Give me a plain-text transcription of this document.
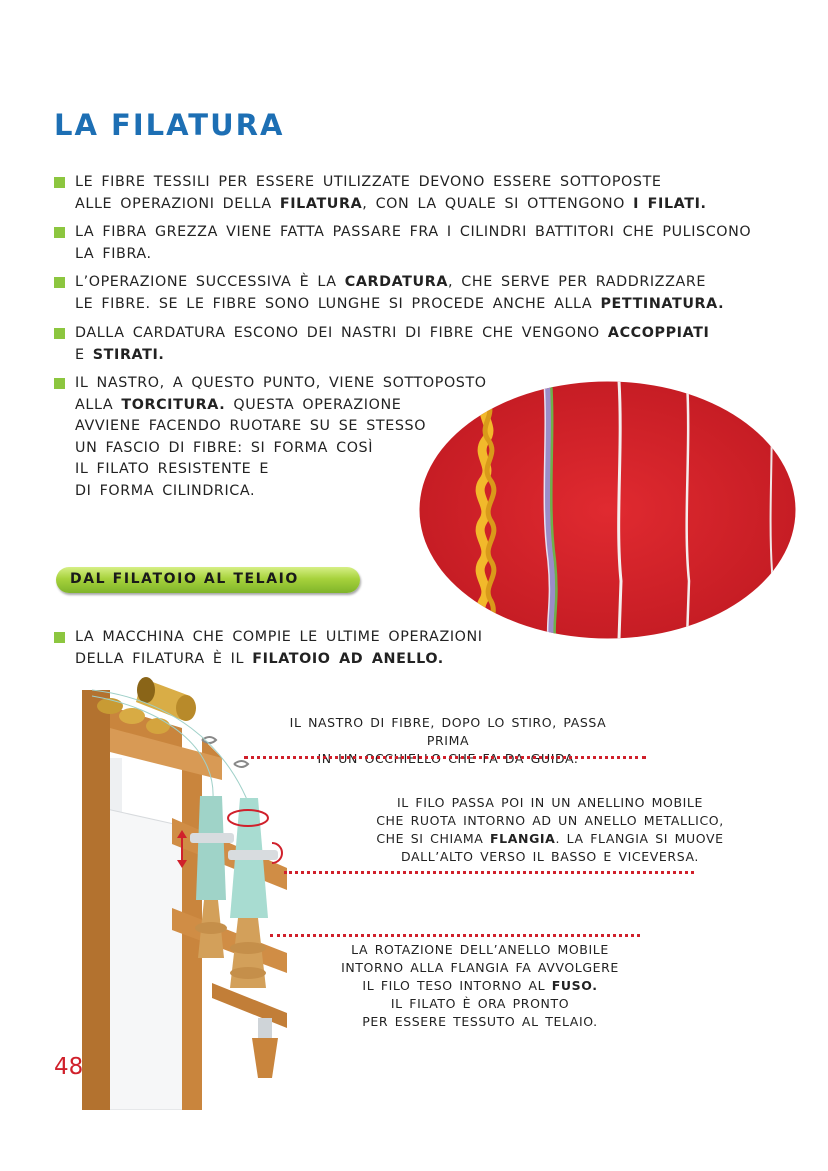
LA FILATURA
LE FIBRE TESSILI PER ESSERE UTILIZZATE DEVONO ESSERE SOTTOPOSTE
ALLE OPERAZIONI DELLA FILATURA, CON LA QUALE SI OTTENGONO I FILATI.
LA FIBRA GREZZA VIENE FATTA PASSARE FRA I CILINDRI BATTITORI CHE PULISCONO
LA FIBRA.
L’OPERAZIONE SUCCESSIVA È LA CARDATURA, CHE SERVE PER RADDRIZZARE
LE FIBRE. SE LE FIBRE SONO LUNGHE SI PROCEDE ANCHE ALLA PETTINATURA.
DALLA CARDATURA ESCONO DEI NASTRI DI FIBRE CHE VENGONO ACCOPPIATI
E STIRATI.
IL NASTRO, A QUESTO PUNTO, VIENE SOTTOPOSTO
ALLA TORCITURA. QUESTA OPERAZIONE
AVVIENE FACENDO RUOTARE SU SE STESSO
UN FASCIO DI FIBRE: SI FORMA COSÌ
IL FILATO RESISTENTE E
DI FORMA CILINDRICA.
DAL FILATOIO AL TELAIO
LA MACCHINA CHE COMPIE LE ULTIME OPERAZIONI
DELLA FILATURA È IL FILATOIO AD ANELLO.
IL NASTRO DI FIBRE, DOPO LO STIRO, PASSA PRIMA
IN UN OCCHIELLO CHE FA DA GUIDA.
IL FILO PASSA POI IN UN ANELLINO MOBILE
CHE RUOTA INTORNO AD UN ANELLO METALLICO,
CHE SI CHIAMA FLANGIA. LA FLANGIA SI MUOVE
DALL’ALTO VERSO IL BASSO E VICEVERSA.
LA ROTAZIONE DELL’ANELLO MOBILE
INTORNO ALLA FLANGIA FA AVVOLGERE
IL FILO TESO INTORNO AL FUSO.
IL FILATO È ORA PRONTO
PER ESSERE TESSUTO AL TELAIO.
48
